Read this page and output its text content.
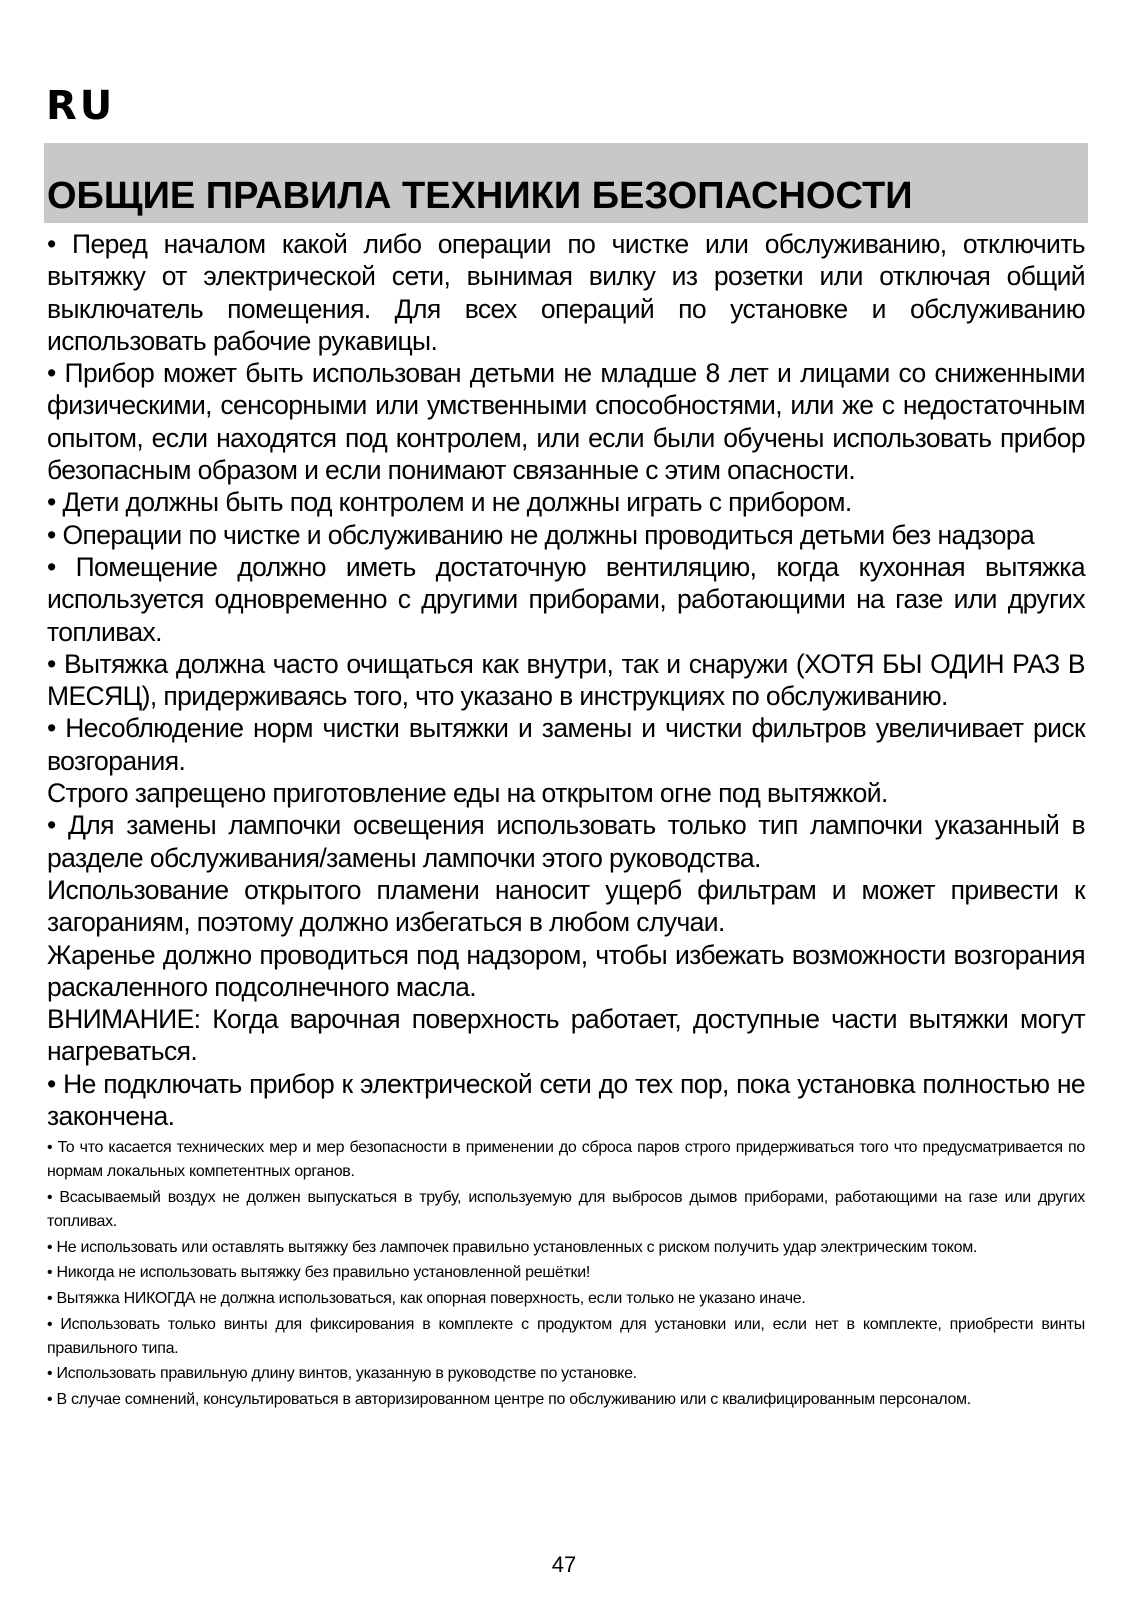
RU
ОБЩИЕ ПРАВИЛА ТЕХНИКИ БЕЗОПАСНОСТИ

• Перед началом какой либо операции по чистке или обслуживанию, отключить вытяжку от электрической сети, вынимая вилку из розетки или отключая общий выключатель помещения. Для всех операций по установке и обслуживанию использовать рабочие рукавицы.

• Прибор может быть использован детьми не младше 8 лет и лицами со сниженными физическими, сенсорными или умственными способностями, или же с недостаточным опытом, если находятся под контролем, или если были обучены использовать прибор безопасным образом и если понимают связанные с этим опасности.

• Дети должны быть под контролем и не должны играть с прибором.

• Операции по чистке и обслуживанию не должны проводиться детьми без надзора

• Помещение должно иметь достаточную вентиляцию, когда кухонная вытяжка используется одновременно с другими приборами, работающими на газе или других топливах.

• Вытяжка должна часто очищаться как внутри, так и снаружи (ХОТЯ БЫ ОДИН РАЗ В МЕСЯЦ), придерживаясь того, что указано в инструкциях по обслуживанию.

• Несоблюдение норм чистки вытяжки и замены и чистки фильтров увеличивает риск возгорания.

Строго запрещено приготовление еды на открытом огне под вытяжкой.

• Для замены лампочки освещения использовать только тип лампочки указанный в разделе обслуживания/замены лампочки этого руководства.

Использование открытого пламени наносит ущерб фильтрам и может привести к загораниям, поэтому должно избегаться в любом случаи.

Жаренье должно проводиться под надзором, чтобы избежать возможности возгорания раскаленного подсолнечного масла.

ВНИМАНИЕ: Когда варочная поверхность работает, доступные части вытяжки могут нагреваться.

• Не подключать прибор к электрической сети до тех пор, пока установка полностью не закончена.

• То что касается технических мер и мер безопасности в применении до сброса паров строго придерживаться того что предусматривается по нормам локальных компетентных органов.

• Всасываемый воздух не должен выпускаться в трубу, используемую для выбросов дымов приборами, работающими на газе или других топливах.

• Не использовать или оставлять вытяжку без лампочек правильно установленных с риском получить удар электрическим током.

• Никогда не использовать вытяжку без правильно установленной решётки!

• Вытяжка НИКОГДА не должна использоваться, как опорная поверхность, если только не указано иначе.

• Использовать только винты для фиксирования в комплекте с продуктом для установки или, если нет в комплекте, приобрести винты правильного типа.

• Использовать правильную длину винтов, указанную в руководстве по установке.

• В случае сомнений, консультироваться в авторизированном центре по обслуживанию или с квалифицированным персоналом.

47
